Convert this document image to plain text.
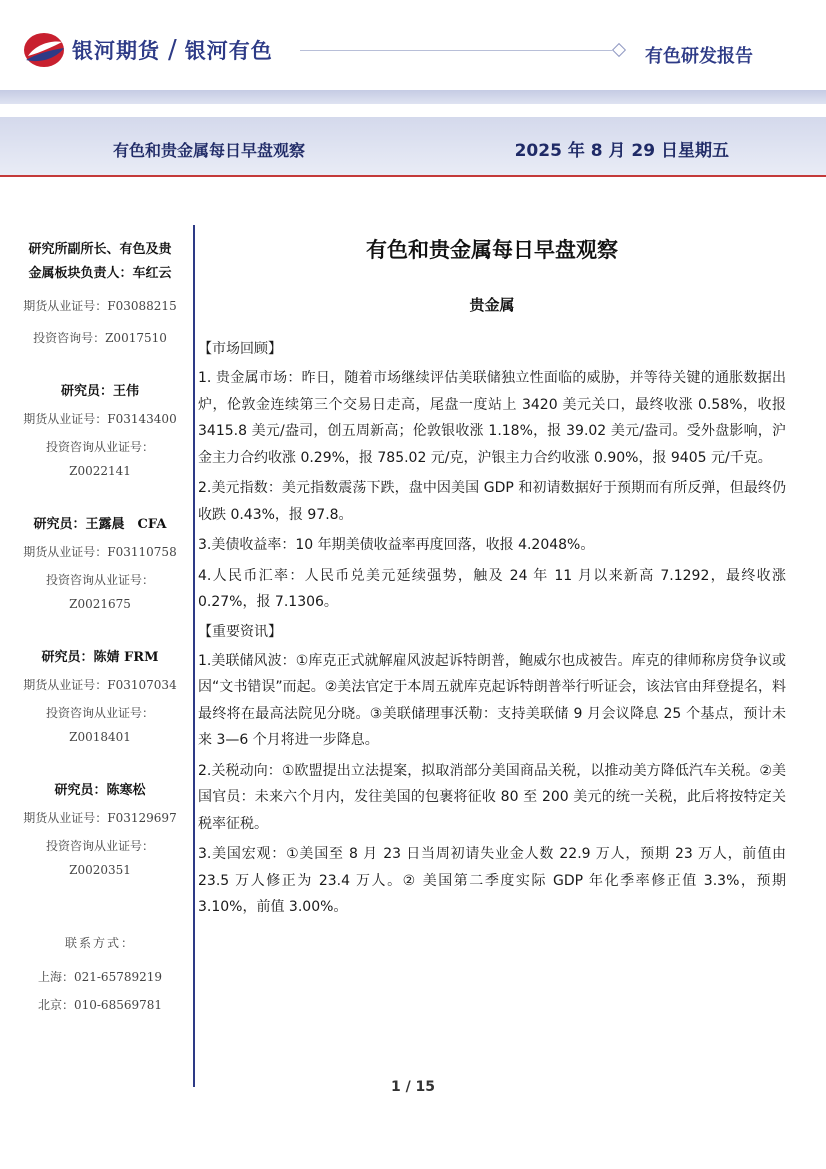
银河期货 / 银河有色	有色研发报告
有色和贵金属每日早盘观察	2025 年 8 月 29 日星期五
研究所副所长、有色及贵
金属板块负责人：车红云
期货从业证号：F03088215
投资咨询号：Z0017510
研究员：王伟
期货从业证号：F03143400
投资咨询从业证号：
Z0022141
研究员：王露晨　CFA
期货从业证号：F03110758
投资咨询从业证号：
Z0021675
研究员：陈婧 FRM
期货从业证号：F03107034
投资咨询从业证号：
Z0018401
研究员：陈寒松
期货从业证号：F03129697
投资咨询从业证号：
Z0020351
联系方式：
上海：021-65789219
北京：010-68569781
有色和贵金属每日早盘观察
贵金属
【市场回顾】

1. 贵金属市场：昨日，随着市场继续评估美联储独立性面临的威胁，并等待关键的通胀数据出炉，伦敦金连续第三个交易日走高，尾盘一度站上 3420 美元关口，最终收涨 0.58%，收报 3415.8 美元/盎司，创五周新高；伦敦银收涨 1.18%，报 39.02 美元/盎司。受外盘影响，沪金主力合约收涨 0.29%，报 785.02 元/克，沪银主力合约收涨 0.90%，报 9405 元/千克。

2.美元指数：美元指数震荡下跌，盘中因美国 GDP 和初请数据好于预期而有所反弹，但最终仍收跌 0.43%，报 97.8。

3.美债收益率：10 年期美债收益率再度回落，收报 4.2048%。

4.人民币汇率：人民币兑美元延续强势，触及 24 年 11 月以来新高 7.1292，最终收涨 0.27%，报 7.1306。

【重要资讯】

1.美联储风波：①库克正式就解雇风波起诉特朗普，鲍威尔也成被告。库克的律师称房贷争议或因“文书错误”而起。②美法官定于本周五就库克起诉特朗普举行听证会，该法官由拜登提名，料最终将在最高法院见分晓。③美联储理事沃勒：支持美联储 9 月会议降息 25 个基点，预计未来 3—6 个月将进一步降息。

2.关税动向：①欧盟提出立法提案，拟取消部分美国商品关税，以推动美方降低汽车关税。②美国官员：未来六个月内，发往美国的包裹将征收 80 至 200 美元的统一关税，此后将按特定关税率征税。

3.美国宏观：①美国至 8 月 23 日当周初请失业金人数 22.9 万人，预期 23 万人，前值由 23.5 万人修正为 23.4 万人。② 美国第二季度实际 GDP 年化季率修正值 3.3%，预期 3.10%，前值 3.00%。

1 / 15
